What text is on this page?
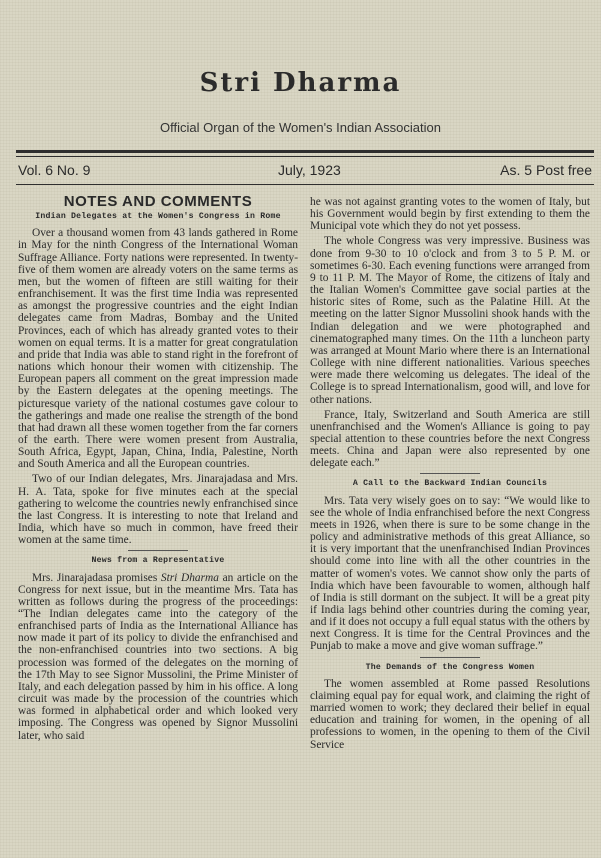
Stri Dharma
Official Organ of the Women's Indian Association
Vol. 6 No. 9	July, 1923	As. 5 Post free
NOTES AND COMMENTS
Indian Delegates at the Women's Congress in Rome

Over a thousand women from 43 lands gathered in Rome in May for the ninth Congress of the International Woman Suffrage Alliance. Forty nations were represented. In twenty-five of them women are already voters on the same terms as men, but the women of fifteen are still waiting for their enfranchisement. It was the first time India was represented as amongst the progressive countries and the eight Indian delegates came from Madras, Bombay and the United Provinces, each of which has already granted votes to their women on equal terms. It is a matter for great congratulation and pride that India was able to stand right in the forefront of nations which honour their women with citizenship. The European papers all comment on the great impression made by the Eastern delegates at the opening meetings. The picturesque variety of the national costumes gave colour to the gatherings and made one realise the strength of the bond that had drawn all these women together from the far corners of the earth. There were women present from Australia, South Africa, Egypt, Japan, China, India, Palestine, North and South America and all the European countries.

Two of our Indian delegates, Mrs. Jinarajadasa and Mrs. H. A. Tata, spoke for five minutes each at the special gathering to welcome the countries newly enfranchised since the last Congress. It is interesting to note that Ireland and India, which have so much in common, have freed their women at the same time.

News from a Representative

Mrs. Jinarajadasa promises Stri Dharma an article on the Congress for next issue, but in the meantime Mrs. Tata has written as follows during the progress of the proceedings: “The Indian delegates came into the category of the enfranchised parts of India as the International Alliance has now made it part of its policy to divide the enfranchised and the non-enfranchised countries into two sections. A big procession was formed of the delegates on the morning of the 17th May to see Signor Mussolini, the Prime Minister of Italy, and each delegation passed by him in his office. A long circuit was made by the procession of the countries which was formed in alphabetical order and which looked very imposing. The Congress was opened by Signor Mussolini later, who said

he was not against granting votes to the women of Italy, but his Government would begin by first extending to them the Municipal vote which they do not yet possess.

The whole Congress was very impressive. Business was done from 9-30 to 10 o'clock and from 3 to 5 P. M. or sometimes 6-30. Each evening functions were arranged from 9 to 11 P. M. The Mayor of Rome, the citizens of Italy and the Italian Women's Committee gave social parties at the historic sites of Rome, such as the Palatine Hill. At the meeting on the latter Signor Mussolini shook hands with the Indian delegation and we were photographed and cinematographed many times. On the 11th a luncheon party was arranged at Mount Mario where there is an International College with nine different nationalities. Various speeches were made there welcoming us delegates. The ideal of the College is to spread Internationalism, good will, and love for other nations.

France, Italy, Switzerland and South America are still unenfranchised and the Women's Alliance is going to pay special attention to these countries before the next Congress meets. China and Japan were also represented by one delegate each.”

A Call to the Backward Indian Councils

Mrs. Tata very wisely goes on to say: “We would like to see the whole of India enfranchised before the next Congress meets in 1926, when there is sure to be some change in the policy and administrative methods of this great Alliance, so it is very important that the unenfranchised Indian Provinces should come into line with all the other countries in the matter of women's votes. We cannot show only the parts of India which have been favourable to women, although half of India is still dormant on the subject. It will be a great pity if India lags behind other countries during the coming year, and if it does not occupy a full equal status with the others by next Congress. It is time for the Central Provinces and the Punjab to make a move and give woman suffrage.”

The Demands of the Congress Women

The women assembled at Rome passed Resolutions claiming equal pay for equal work, and claiming the right of married women to work; they declared their belief in equal education and training for women, in the opening of all professions to women, in the opening to them of the Civil Service
